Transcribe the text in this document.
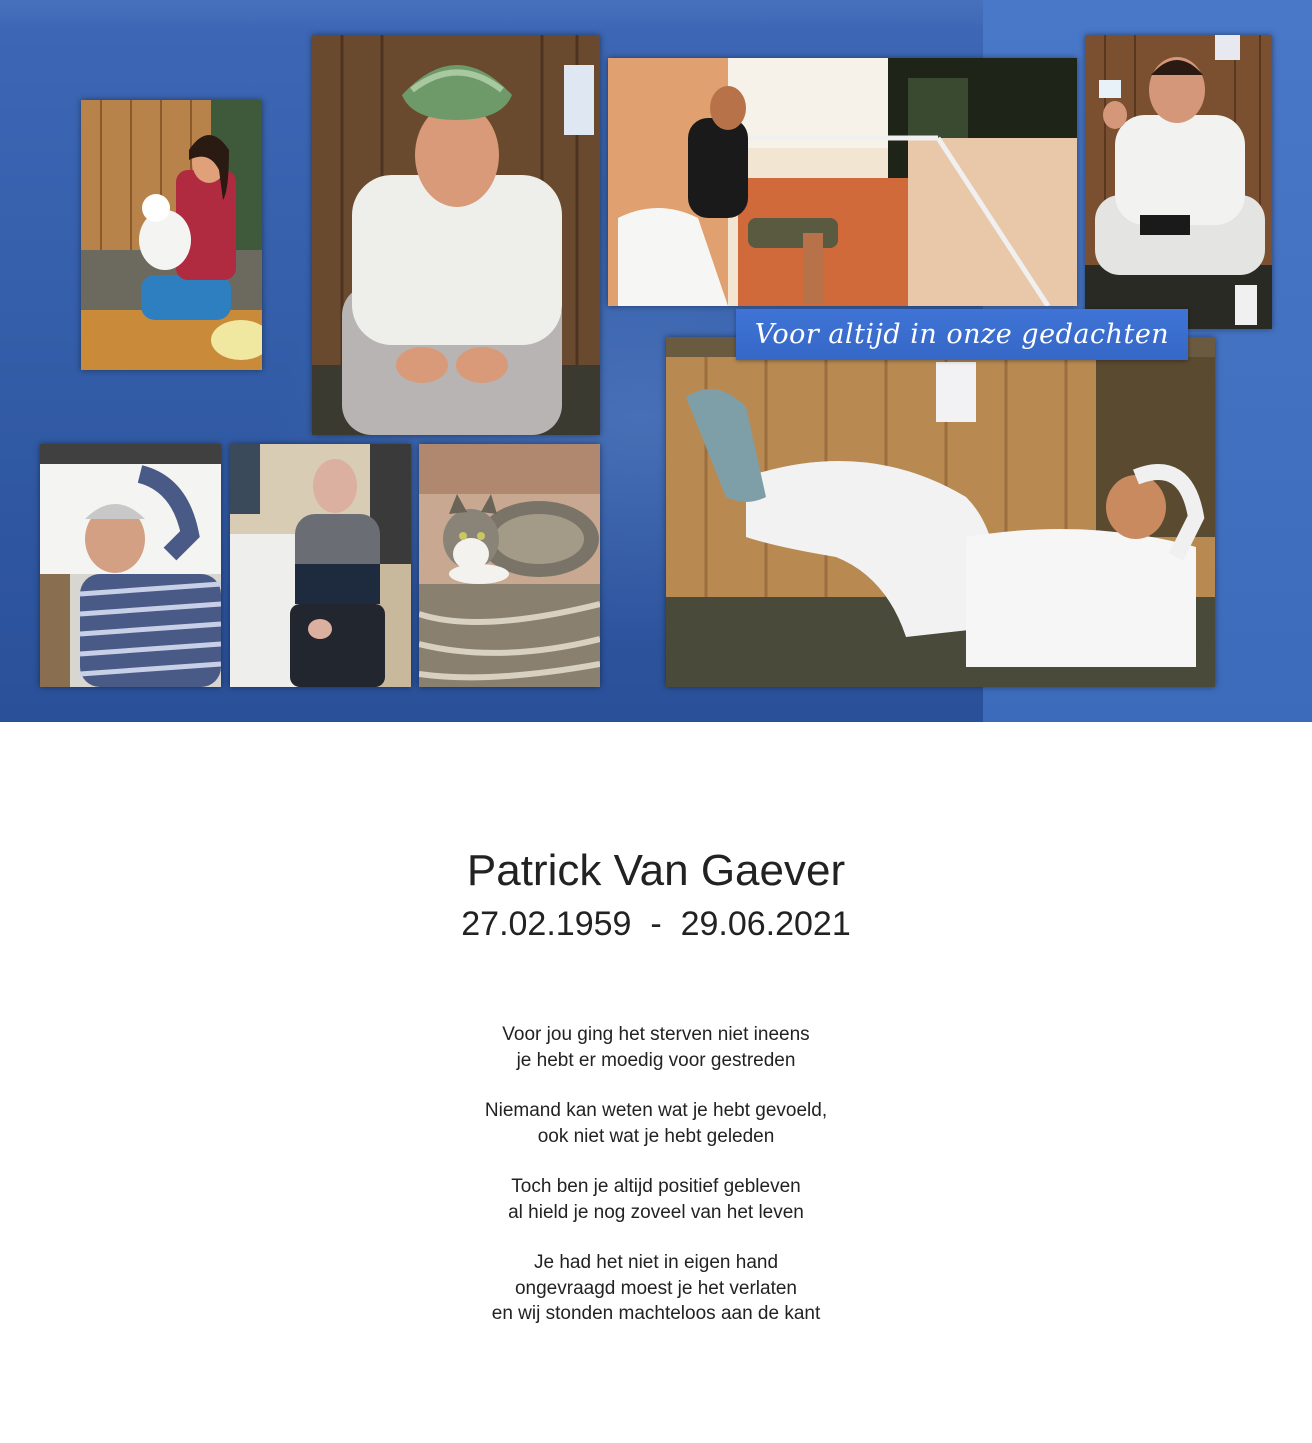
Voor altijd in onze gedachten
Patrick Van Gaever
27.02.1959 - 29.06.2021
Voor jou ging het sterven niet ineens
je hebt er moedig voor gestreden
Niemand kan weten wat je hebt gevoeld,
ook niet wat je hebt geleden
Toch ben je altijd positief gebleven
al hield je nog zoveel van het leven
Je had het niet in eigen hand
ongevraagd moest je het verlaten
en wij stonden machteloos aan de kant
